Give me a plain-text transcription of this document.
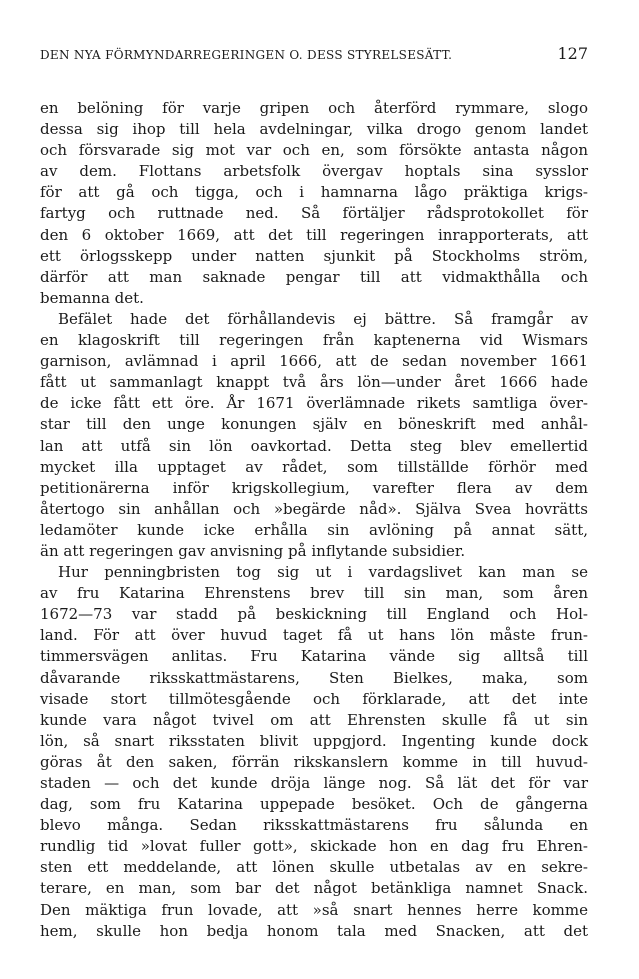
DEN NYA FÖRMYNDARREGERINGEN O. DESS STYRELSESÄTT.	127
en belöning för varje gripen och återförd rymmare, slogo
dessa sig ihop till hela avdelningar, vilka drogo genom landet
och försvarade sig mot var och en, som försökte antasta någon
av dem. Flottans arbetsfolk övergav hoptals sina sysslor
för att gå och tigga, och i hamnarna lågo präktiga krigs-
fartyg och ruttnade ned. Så förtäljer rådsprotokollet för
den 6 oktober 1669, att det till regeringen inrapporterats, att
ett örlogsskepp under natten sjunkit på Stockholms ström,
därför att man saknade pengar till att vidmakthålla och
bemanna det.
Befälet hade det förhållandevis ej bättre. Så framgår av
en klagoskrift till regeringen från kaptenerna vid Wismars
garnison, avlämnad i april 1666, att de sedan november 1661
fått ut sammanlagt knappt två års lön—under året 1666 hade
de icke fått ett öre. År 1671 överlämnade rikets samtliga över-
star till den unge konungen själv en böneskrift med anhål-
lan att utfå sin lön oavkortad. Detta steg blev emellertid
mycket illa upptaget av rådet, som tillställde förhör med
petitionärerna inför krigskollegium, varefter flera av dem
återtogo sin anhållan och »begärde nåd». Själva Svea hovrätts
ledamöter kunde icke erhålla sin avlöning på annat sätt,
än att regeringen gav anvisning på inflytande subsidier.
Hur penningbristen tog sig ut i vardagslivet kan man se
av fru Katarina Ehrenstens brev till sin man, som åren
1672—73 var stadd på beskickning till England och Hol-
land. För att över huvud taget få ut hans lön måste frun-
timmersvägen anlitas. Fru Katarina vände sig alltså till
dåvarande riksskattmästarens, Sten Bielkes, maka, som
visade stort tillmötesgående och förklarade, att det inte
kunde vara något tvivel om att Ehrensten skulle få ut sin
lön, så snart riksstaten blivit uppgjord. Ingenting kunde dock
göras åt den saken, förrän rikskanslern komme in till huvud-
staden — och det kunde dröja länge nog. Så lät det för var
dag, som fru Katarina uppepade besöket. Och de gångerna
blevo många. Sedan riksskattmästarens fru sålunda en
rundlig tid »lovat fuller gott», skickade hon en dag fru Ehren-
sten ett meddelande, att lönen skulle utbetalas av en sekre-
terare, en man, som bar det något betänkliga namnet Snack.
Den mäktiga frun lovade, att »så snart hennes herre komme
hem, skulle hon bedja honom tala med Snacken, att det
